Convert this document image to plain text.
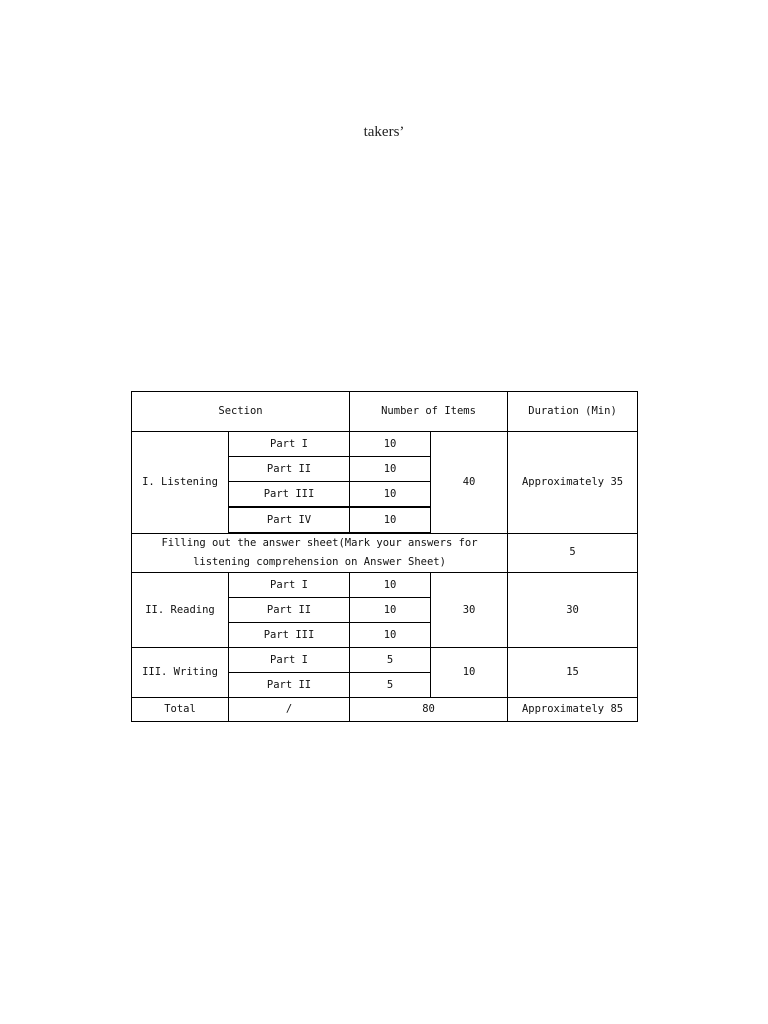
takers’
Section		Number of Items		Duration (Min)
I. Listening	Part I	10	40	Approximately 35
	Part II	10		
	Part III	10		
	Part IV	10		
Filling out the answer sheet(Mark your answers for listening comprehension on Answer Sheet)				5
II. Reading	Part I	10	30	30
	Part II	10		
	Part III	10		
III. Writing	Part I	5	10	15
	Part II	5		
Total	/	80		Approximately 85
